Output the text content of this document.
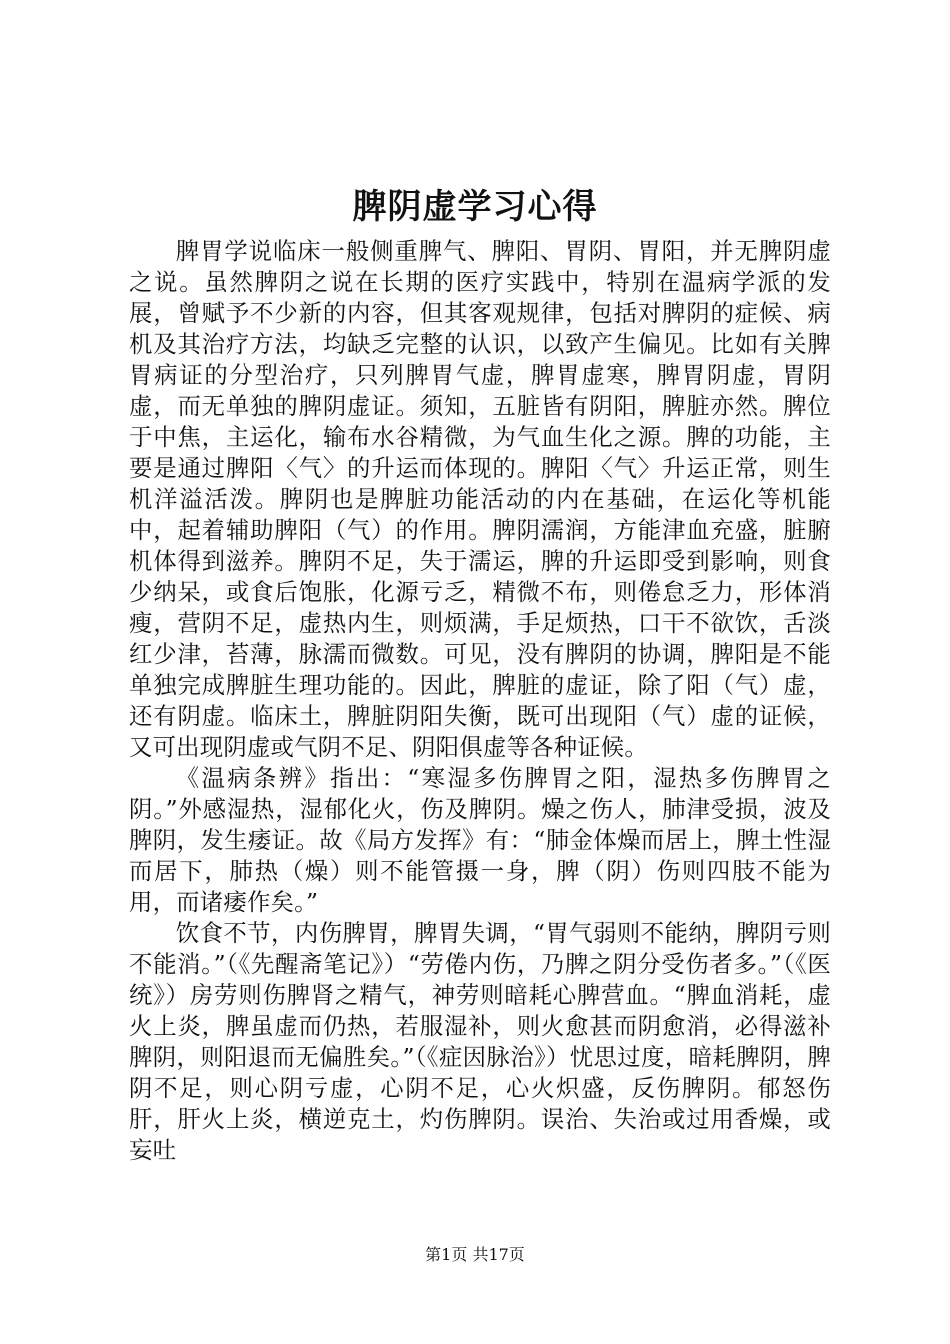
脾阴虚学习心得

脾胃学说临床一般侧重脾气、脾阳、胃阴、胃阳，并无脾阴虚之说。虽然脾阴之说在长期的医疗实践中，特别在温病学派的发展，曾赋予不少新的内容，但其客观规律，包括对脾阴的症候、病机及其治疗方法，均缺乏完整的认识，以致产生偏见。比如有关脾胃病证的分型治疗，只列脾胃气虚，脾胃虚寒，脾胃阴虚，胃阴虚，而无单独的脾阴虚证。须知，五脏皆有阴阳，脾脏亦然。脾位于中焦，主运化，输布水谷精微，为气血生化之源。脾的功能，主要是通过脾阳〈气〉的升运而体现的。脾阳〈气〉升运正常，则生机洋溢活泼。脾阴也是脾脏功能活动的内在基础，在运化等机能中，起着辅助脾阳（气）的作用。脾阴濡润，方能津血充盛，脏腑机体得到滋养。脾阴不足，失于濡运，脾的升运即受到影响，则食少纳呆，或食后饱胀，化源亏乏，精微不布，则倦怠乏力，形体消瘦，营阴不足，虚热内生，则烦满，手足烦热，口干不欲饮，舌淡红少津，苔薄，脉濡而微数。可见，没有脾阴的协调，脾阳是不能单独完成脾脏生理功能的。因此，脾脏的虚证，除了阳（气）虚，还有阴虚。临床土，脾脏阴阳失衡，既可出现阳（气）虚的证候，又可出现阴虚或气阴不足、阴阳俱虚等各种证候。

《温病条辨》指出：“寒湿多伤脾胃之阳，湿热多伤脾胃之阴。”外感湿热，湿郁化火，伤及脾阴。燥之伤人，肺津受损，波及脾阴，发生痿证。故《局方发挥》有：“肺金体燥而居上，脾土性湿而居下，肺热（燥）则不能管摄一身，脾（阴）伤则四肢不能为用，而诸痿作矣。”

饮食不节，内伤脾胃，脾胃失调，“胃气弱则不能纳，脾阴亏则不能消。”（《先醒斋笔记》）“劳倦内伤，乃脾之阴分受伤者多。”（《医统》）房劳则伤脾肾之精气，神劳则暗耗心脾营血。“脾血消耗，虚火上炎，脾虽虚而仍热，若服湿补，则火愈甚而阴愈消，必得滋补脾阴，则阳退而无偏胜矣。”（《症因脉治》）忧思过度，暗耗脾阴，脾阴不足，则心阴亏虚，心阴不足，心火炽盛，反伤脾阴。郁怒伤肝，肝火上炎，横逆克土，灼伤脾阴。误治、失治或过用香燥，或妄吐

第1页 共17页
